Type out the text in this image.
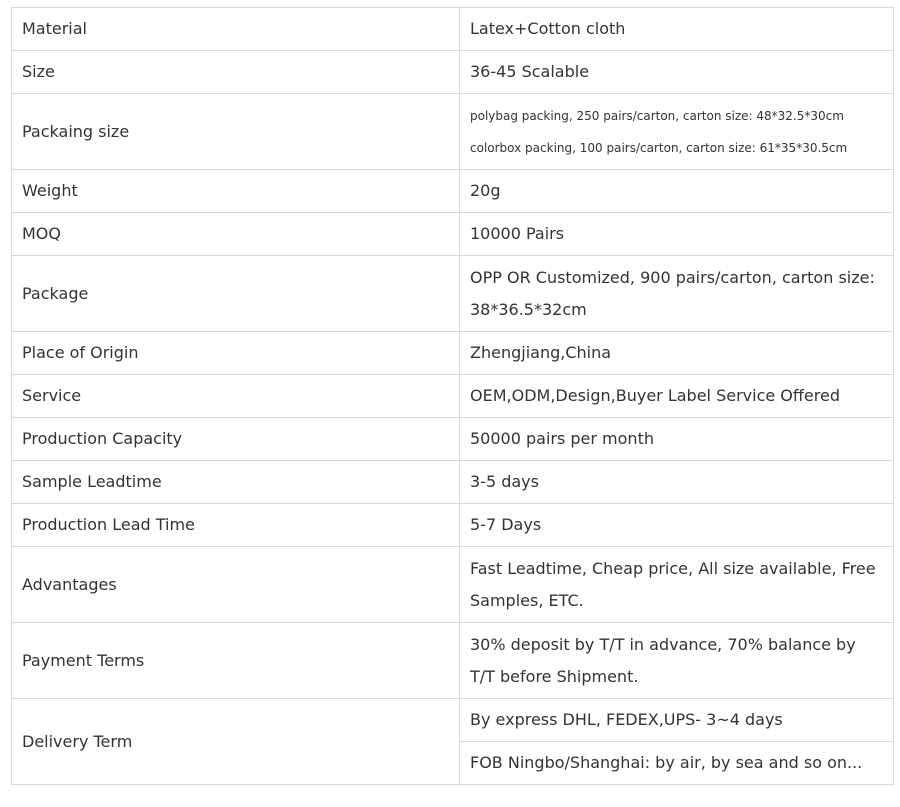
Material	Latex+Cotton cloth
Size	36-45 Scalable
Packaing size	polybag packing, 250 pairs/carton, carton size: 48*32.5*30cm
colorbox packing, 100 pairs/carton, carton size: 61*35*30.5cm

Weight	20g
MOQ	10000 Pairs
Package	OPP OR Customized, 900 pairs/carton, carton size: 38*36.5*32cm
Place of Origin	Zhengjiang,China
Service	OEM,ODM,Design,Buyer Label Service Offered
Production Capacity	50000 pairs per month
Sample Leadtime	3-5 days
Production Lead Time	5-7 Days
Advantages	Fast Leadtime, Cheap price, All size available, Free Samples, ETC.
Payment Terms	30% deposit by T/T in advance, 70% balance by T/T before Shipment.
Delivery Term	By express DHL, FEDEX,UPS- 3~4 days
	FOB Ningbo/Shanghai: by air, by sea and so on...
